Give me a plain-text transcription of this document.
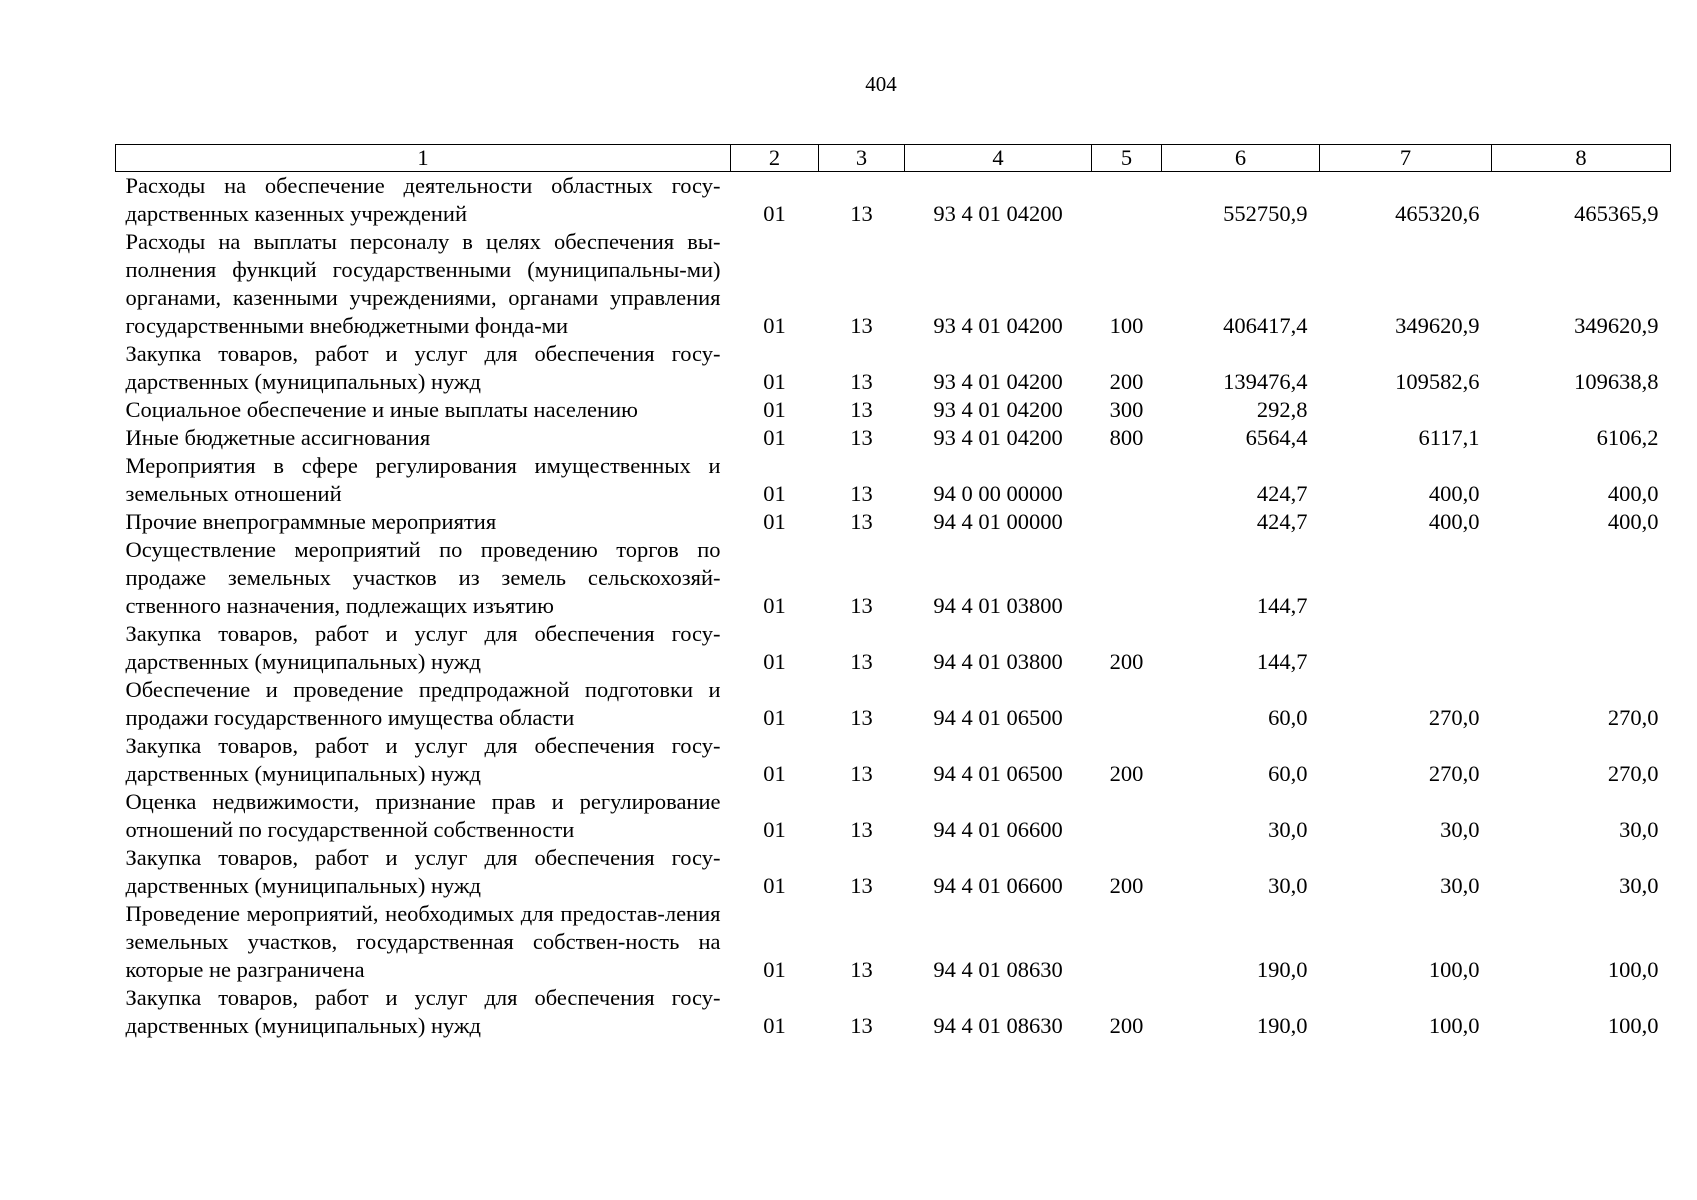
404
1	2	3	4	5	6	7	8
Расходы на обеспечение деятельности областных госу-дарственных казенных учреждений	01	13	93 4 01 04200		552750,9	465320,6	465365,9
Расходы на выплаты персоналу в целях обеспечения вы-полнения функций государственными (муниципальны-ми) органами, казенными учреждениями, органами управления государственными внебюджетными фонда-ми	01	13	93 4 01 04200	100	406417,4	349620,9	349620,9
Закупка товаров, работ и услуг для обеспечения госу-дарственных (муниципальных) нужд	01	13	93 4 01 04200	200	139476,4	109582,6	109638,8
Социальное обеспечение и иные выплаты населению	01	13	93 4 01 04200	300	292,8		
Иные бюджетные ассигнования	01	13	93 4 01 04200	800	6564,4	6117,1	6106,2
Мероприятия в сфере регулирования имущественных и земельных отношений	01	13	94 0 00 00000		424,7	400,0	400,0
Прочие внепрограммные мероприятия	01	13	94 4 01 00000		424,7	400,0	400,0
Осуществление мероприятий по проведению торгов по продаже земельных участков из земель сельскохозяй-ственного назначения, подлежащих изъятию	01	13	94 4 01 03800		144,7		
Закупка товаров, работ и услуг для обеспечения госу-дарственных (муниципальных) нужд	01	13	94 4 01 03800	200	144,7		
Обеспечение и проведение предпродажной подготовки и продажи государственного имущества области	01	13	94 4 01 06500		60,0	270,0	270,0
Закупка товаров, работ и услуг для обеспечения госу-дарственных (муниципальных) нужд	01	13	94 4 01 06500	200	60,0	270,0	270,0
Оценка недвижимости, признание прав и регулирование отношений по государственной собственности	01	13	94 4 01 06600		30,0	30,0	30,0
Закупка товаров, работ и услуг для обеспечения госу-дарственных (муниципальных) нужд	01	13	94 4 01 06600	200	30,0	30,0	30,0
Проведение мероприятий, необходимых для предостав-ления земельных участков, государственная собствен-ность на которые не разграничена	01	13	94 4 01 08630		190,0	100,0	100,0
Закупка товаров, работ и услуг для обеспечения госу-дарственных (муниципальных) нужд	01	13	94 4 01 08630	200	190,0	100,0	100,0
